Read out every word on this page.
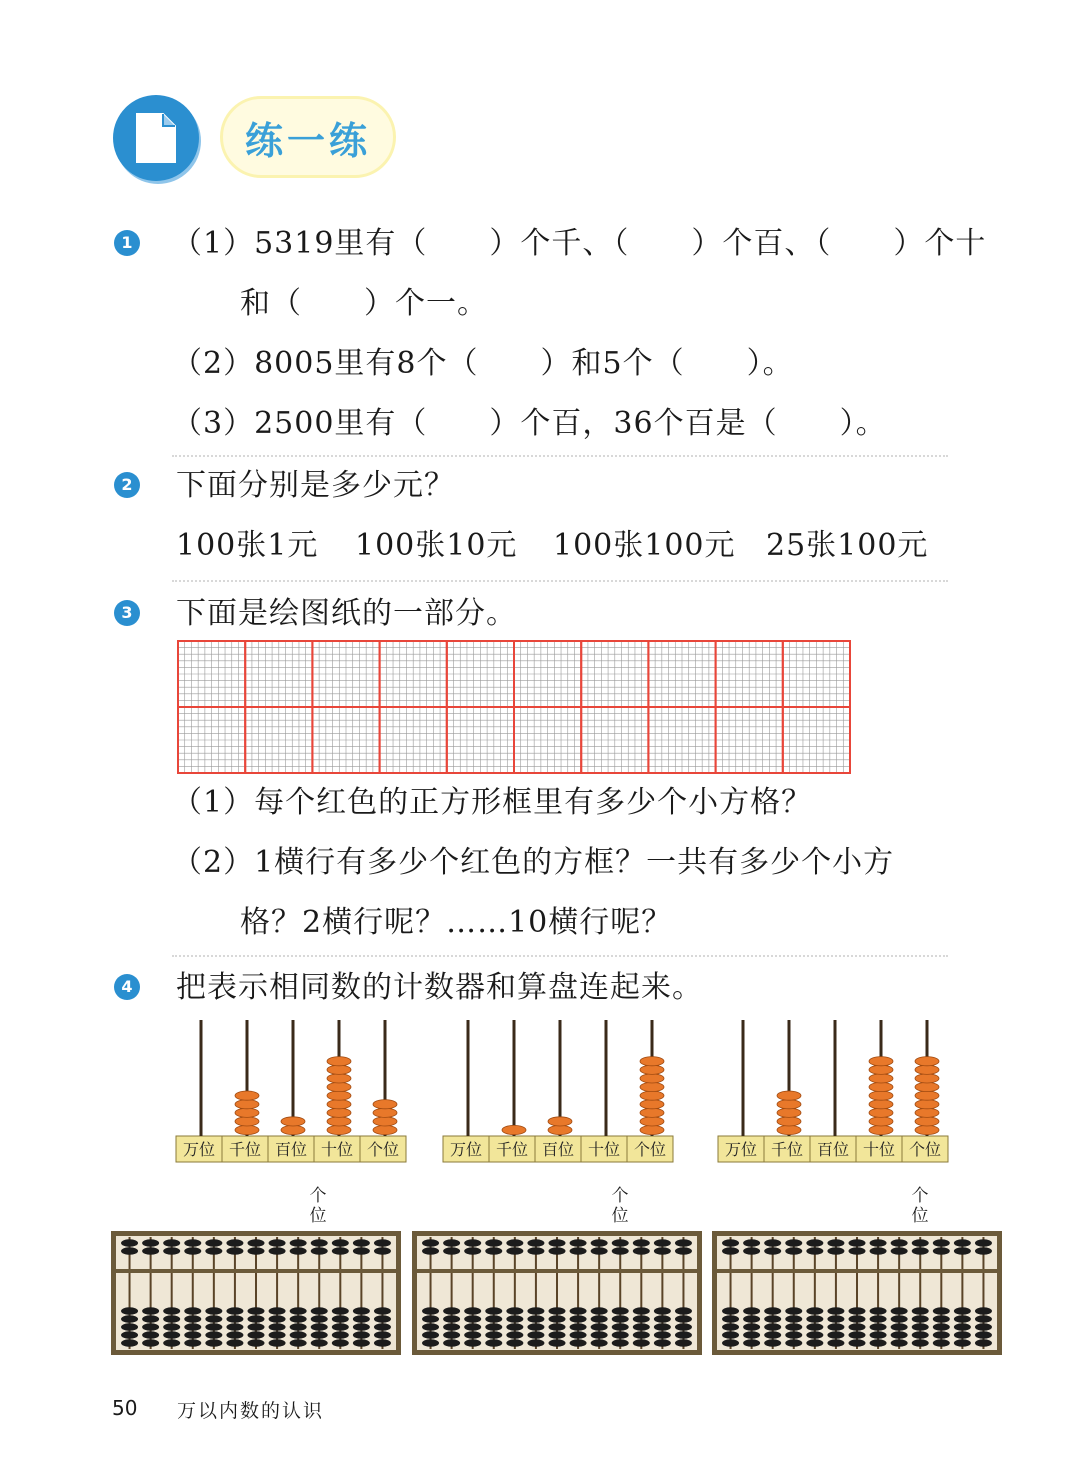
练一练
1 （1）5319里有（　　）个千、（　　）个百、（　　）个十
和（　　）个一。
（2）8005里有8个（　　）和5个（　　）。
（3）2500里有（　　）个百，36个百是（　　）。
2 下面分别是多少元？
100张1元 100张10元 100张100元 25张100元
3 下面是绘图纸的一部分。
（1）每个红色的正方形框里有多少个小方格？
（2）1横行有多少个红色的方框？一共有多少个小方
格？2横行呢？……10横行呢？
4 把表示相同数的计数器和算盘连起来。
万位 千位 百位 十位 个位	万位 千位 百位 十位 个位	万位 千位 百位 十位 个位
个位
个位
个位
50 万以内数的认识
